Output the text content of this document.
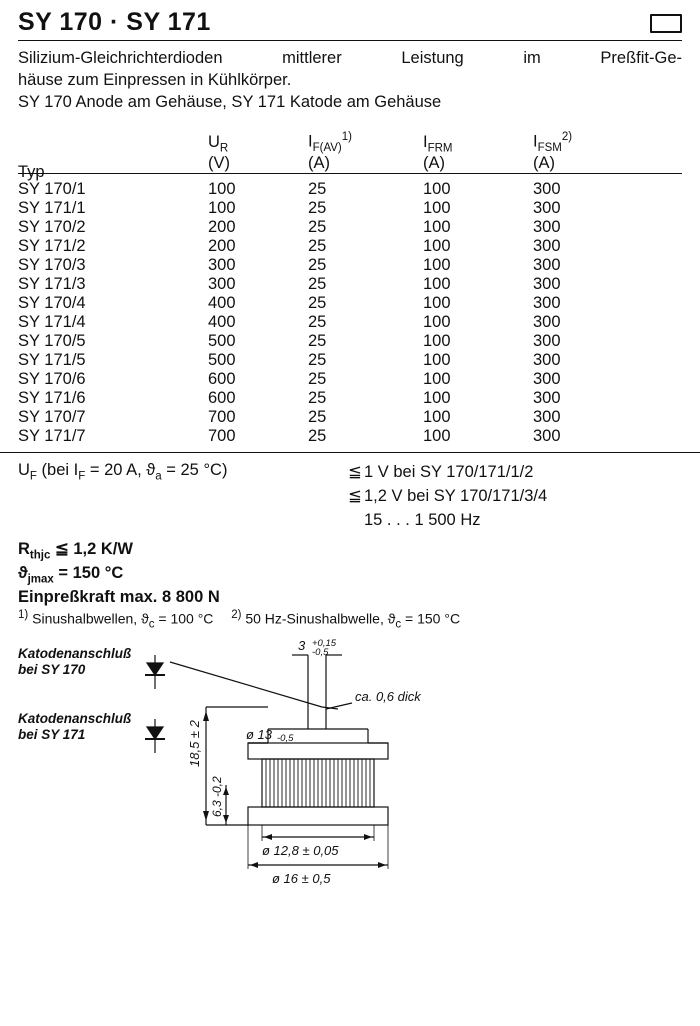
SY 170 · SY 171

Silizium-Gleichrichterdioden mittlerer Leistung im Preßfit-Ge-

häuse zum Einpressen in Kühlkörper.

SY 170 Anode am Gehäuse, SY 171 Katode am Gehäuse

Typ	$U_R$	$I_{F(AV)}^{1)}$	$I_{FRM}$	$I_{FSM}^{2)}$
	(V)	(A)	(A)	(A)
SY 170/1	100	25	100	300
SY 171/1	100	25	100	300
SY 170/2	200	25	100	300
SY 171/2	200	25	100	300
SY 170/3	300	25	100	300
SY 171/3	300	25	100	300
SY 170/4	400	25	100	300
SY 171/4	400	25	100	300
SY 170/5	500	25	100	300
SY 171/5	500	25	100	300
SY 170/6	600	25	100	300
SY 171/6	600	25	100	300
SY 170/7	700	25	100	300
SY 171/7	700	25	100	300
$U_F$ (bei $I_F = 20$ A, $ϑ_a = 25$ °C)	≦ 1 V bei SY 170/171/1/2
≦ 1,2 V bei SY 170/171/3/4
15 . . . 1 500 Hz
$R_{thjc}$ ≦ 1,2 K/W
$ϑ_{jmax} = 150$ °C
Einpreßkraft max. 8 800 N
$^{1)}$ Sinushalbwellen, $ϑ_c = 100$ °C $^{2)}$ 50 Hz-Sinushalbwelle, $ϑ_c = 150$ °C
Katodenanschluß
bei SY 170
Katodenanschluß
bei SY 171
3 +0,15
-0,5
ca. 0,6 dick
ø 13 -0,5
18,5 ± 2
6,3 -0,2
ø 12,8 ± 0,05
ø 16 ± 0,5
